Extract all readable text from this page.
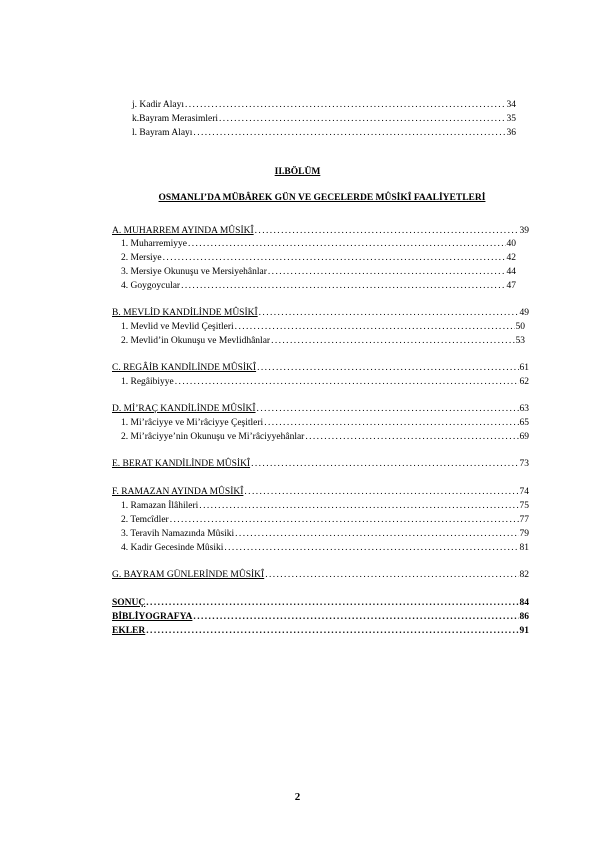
j. Kadir Alayı .....	34
k.Bayram Merasimleri .....	35
l. Bayram Alayı .....	36
II.BÖLÜM
OSMANLI’DA MÜBÂREK GÜN VE GECELERDE MÛSİKÎ FAALİYETLERİ
A. MUHARREM AYINDA MÛSİKÎ .....	39
1. Muharremiyye .....	40
2. Mersiye .....	42
3. Mersiye Okunuşu ve Mersiyehânlar .....	44
4. Goygoycular .....	47
B. MEVLİD KANDİLİNDE MÛSİKÎ .....	49
1. Mevlid ve Mevlid Çeşitleri .....	50
2. Mevlid’in Okunuşu ve Mevlidhânlar .....	53
C. REGÂİB KANDİLİNDE MÛSİKÎ .....	61
1. Regâibiyye .....	62
D. Mİ’RAÇ KANDİLİNDE MÛSİKÎ .....	63
1. Mi’râciyye ve Mi’râciyye Çeşitleri .....	65
2. Mi’râciyye’nin Okunuşu ve Mi’râciyyehânlar .....	69
E. BERAT KANDİLİNDE MÛSİKÎ .....	73
F. RAMAZAN AYINDA MÛSİKÎ .....	74
1. Ramazan İlâhileri .....	75
2. Temcîdler .....	77
3. Teravih Namazında Mûsiki .....	79
4. Kadir Gecesinde Mûsiki .....	81
G. BAYRAM GÜNLERİNDE MÛSİKÎ .....	82
SONUÇ .....	84
BİBLİYOGRAFYA .....	86
EKLER .....	91
2
